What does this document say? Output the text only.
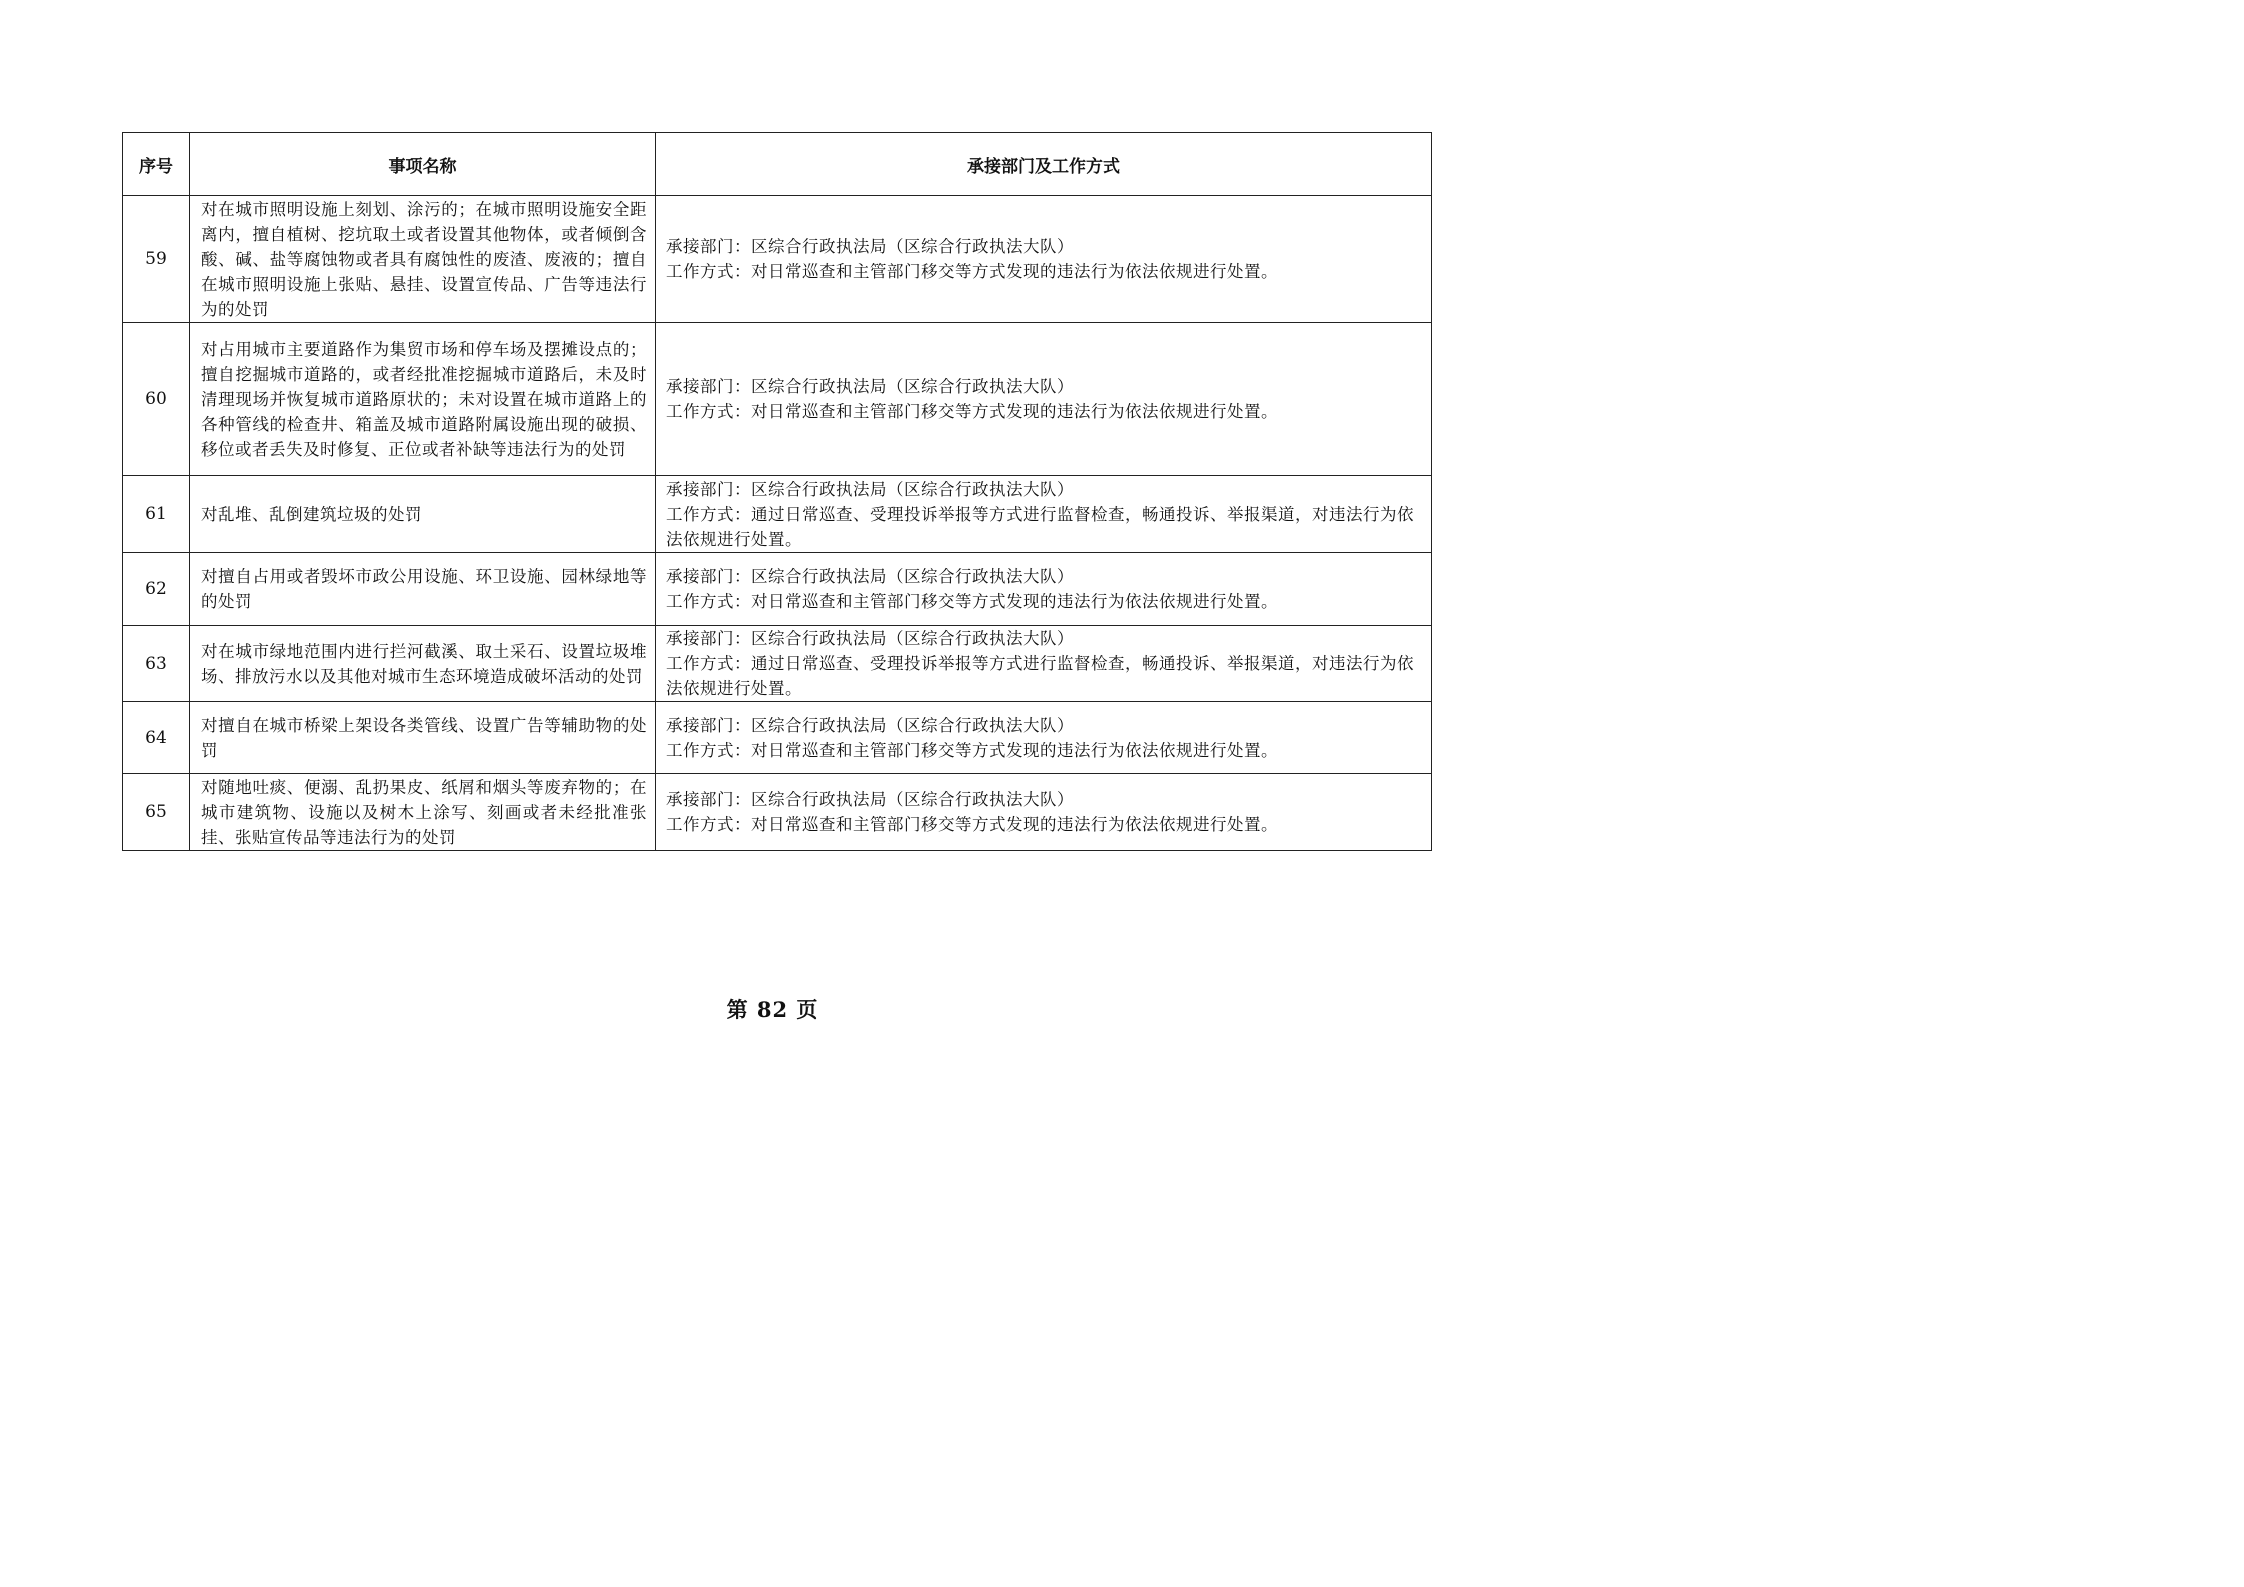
序号	事项名称	承接部门及工作方式
59	对在城市照明设施上刻划、涂污的；在城市照明设施安全距离内，擅自植树、挖坑取土或者设置其他物体，或者倾倒含酸、碱、盐等腐蚀物或者具有腐蚀性的废渣、废液的；擅自在城市照明设施上张贴、悬挂、设置宣传品、广告等违法行为的处罚	承接部门：区综合行政执法局（区综合行政执法大队）
工作方式：对日常巡查和主管部门移交等方式发现的违法行为依法依规进行处置。

60	对占用城市主要道路作为集贸市场和停车场及摆摊设点的；擅自挖掘城市道路的，或者经批准挖掘城市道路后，未及时清理现场并恢复城市道路原状的；未对设置在城市道路上的各种管线的检查井、箱盖及城市道路附属设施出现的破损、移位或者丢失及时修复、正位或者补缺等违法行为的处罚	承接部门：区综合行政执法局（区综合行政执法大队）
工作方式：对日常巡查和主管部门移交等方式发现的违法行为依法依规进行处置。

61	对乱堆、乱倒建筑垃圾的处罚	承接部门：区综合行政执法局（区综合行政执法大队）
工作方式：通过日常巡查、受理投诉举报等方式进行监督检查，畅通投诉、举报渠道，对违法行为依法依规进行处置。

62	对擅自占用或者毁坏市政公用设施、环卫设施、园林绿地等的处罚	承接部门：区综合行政执法局（区综合行政执法大队）
工作方式：对日常巡查和主管部门移交等方式发现的违法行为依法依规进行处置。

63	对在城市绿地范围内进行拦河截溪、取土采石、设置垃圾堆场、排放污水以及其他对城市生态环境造成破坏活动的处罚	承接部门：区综合行政执法局（区综合行政执法大队）
工作方式：通过日常巡查、受理投诉举报等方式进行监督检查，畅通投诉、举报渠道，对违法行为依法依规进行处置。

64	对擅自在城市桥梁上架设各类管线、设置广告等辅助物的处罚	承接部门：区综合行政执法局（区综合行政执法大队）
工作方式：对日常巡查和主管部门移交等方式发现的违法行为依法依规进行处置。

65	对随地吐痰、便溺、乱扔果皮、纸屑和烟头等废弃物的；在城市建筑物、设施以及树木上涂写、刻画或者未经批准张挂、张贴宣传品等违法行为的处罚	承接部门：区综合行政执法局（区综合行政执法大队）
工作方式：对日常巡查和主管部门移交等方式发现的违法行为依法依规进行处置。
第 82 页
